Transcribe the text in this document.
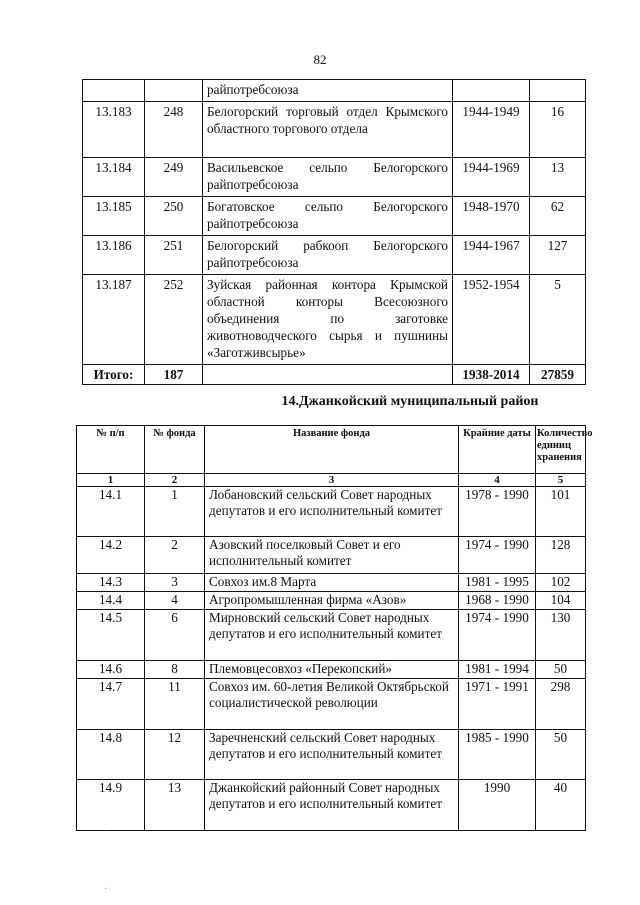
82
		райпотребсоюза		
13.183	248	Белогорский торговый отдел Крымского областного торгового отдела	1944-1949	16
13.184	249	Васильевское сельпо Белогорского райпотребсоюза	1944-1969	13
13.185	250	Богатовское сельпо Белогорского райпотребсоюза	1948-1970	62
13.186	251	Белогорский рабкооп Белогорского райпотребсоюза	1944-1967	127
13.187	252	Зуйская районная контора Крымской областной конторы Всесоюзного объединения по заготовке животноводческого сырья и пушнины «Заготживсырье»	1952-1954	5
Итого:	187		1938-2014	27859
14.Джанкойский муниципальный район
№ п/п	№ фонда	Название фонда	Крайние даты	Количество единиц хранения
1	2	3	4	5
14.1	1	Лобановский сельский Совет народных депутатов и его исполнительный комитет	1978 - 1990	101
14.2	2	Азовский поселковый Совет и его исполнительный комитет	1974 - 1990	128
14.3	3	Совхоз им.8 Марта	1981 - 1995	102
14.4	4	Агропромышленная фирма «Азов»	1968 - 1990	104
14.5	6	Мирновский сельский Совет народных депутатов и его исполнительный комитет	1974 - 1990	130
14.6	8	Племовцесовхоз «Перекопский»	1981 - 1994	50
14.7	11	Совхоз им. 60-летия Великой Октябрьской социалистической революции	1971 - 1991	298
14.8	12	Заречненский сельский Совет народных депутатов и его исполнительный комитет	1985 - 1990	50
14.9	13	Джанкойский районный Совет народных депутатов и его исполнительный комитет	1990	40
·
·
